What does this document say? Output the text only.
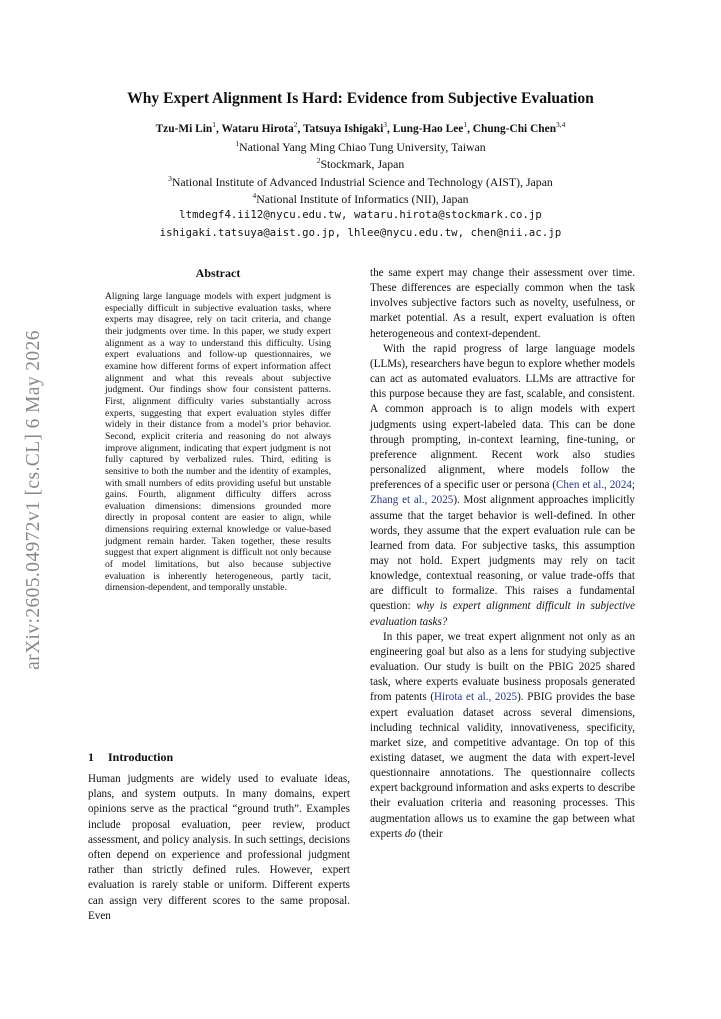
arXiv:2605.04972v1 [cs.CL] 6 May 2026
Why Expert Alignment Is Hard: Evidence from Subjective Evaluation
Tzu-Mi Lin$^1$, Wataru Hirota$^2$, Tatsuya Ishigaki$^3$, Lung-Hao Lee$^1$, Chung-Chi Chen$^{3,4}$
$^1$National Yang Ming Chiao Tung University, Taiwan
$^2$Stockmark, Japan
$^3$National Institute of Advanced Industrial Science and Technology (AIST), Japan
$^4$National Institute of Informatics (NII), Japan
ltmdegf4.ii12@nycu.edu.tw, wataru.hirota@stockmark.co.jp
ishigaki.tatsuya@aist.go.jp, lhlee@nycu.edu.tw, chen@nii.ac.jp
Abstract
Aligning large language models with expert judgment is especially difficult in subjective evaluation tasks, where experts may disagree, rely on tacit criteria, and change their judgments over time. In this paper, we study expert alignment as a way to understand this difficulty. Using expert evaluations and follow-up questionnaires, we examine how different forms of expert information affect alignment and what this reveals about subjective judgment. Our findings show four consistent patterns. First, alignment difficulty varies substantially across experts, suggesting that expert evaluation styles differ widely in their distance from a model’s prior behavior. Second, explicit criteria and reasoning do not always improve alignment, indicating that expert judgment is not fully captured by verbalized rules. Third, editing is sensitive to both the number and the identity of examples, with small numbers of edits providing useful but unstable gains. Fourth, alignment difficulty differs across evaluation dimensions: dimensions grounded more directly in proposal content are easier to align, while dimensions requiring external knowledge or value-based judgment remain harder. Taken together, these results suggest that expert alignment is difficult not only because of model limitations, but also because subjective evaluation is inherently heterogeneous, partly tacit, dimension-dependent, and temporally unstable.
1 Introduction
Human judgments are widely used to evaluate ideas, plans, and system outputs. In many domains, expert opinions serve as the practical “ground truth”. Examples include proposal evaluation, peer review, product assessment, and policy analysis. In such settings, decisions often depend on experience and professional judgment rather than strictly defined rules. However, expert evaluation is rarely stable or uniform. Different experts can assign very different scores to the same proposal. Even
the same expert may change their assessment over time. These differences are especially common when the task involves subjective factors such as novelty, usefulness, or market potential. As a result, expert evaluation is often heterogeneous and context-dependent.
With the rapid progress of large language models (LLMs), researchers have begun to explore whether models can act as automated evaluators. LLMs are attractive for this purpose because they are fast, scalable, and consistent. A common approach is to align models with expert judgments using expert-labeled data. This can be done through prompting, in-context learning, fine-tuning, or preference alignment. Recent work also studies personalized alignment, where models follow the preferences of a specific user or persona (Chen et al., 2024; Zhang et al., 2025). Most alignment approaches implicitly assume that the target behavior is well-defined. In other words, they assume that the expert evaluation rule can be learned from data. For subjective tasks, this assumption may not hold. Expert judgments may rely on tacit knowledge, contextual reasoning, or value trade-offs that are difficult to formalize. This raises a fundamental question: why is expert alignment difficult in subjective evaluation tasks?
In this paper, we treat expert alignment not only as an engineering goal but also as a lens for studying subjective evaluation. Our study is built on the PBIG 2025 shared task, where experts evaluate business proposals generated from patents (Hirota et al., 2025). PBIG provides the base expert evaluation dataset across several dimensions, including technical validity, innovativeness, specificity, market size, and competitive advantage. On top of this existing dataset, we augment the data with expert-level questionnaire annotations. The questionnaire collects expert background information and asks experts to describe their evaluation criteria and reasoning processes. This augmentation allows us to examine the gap between what experts do (their
